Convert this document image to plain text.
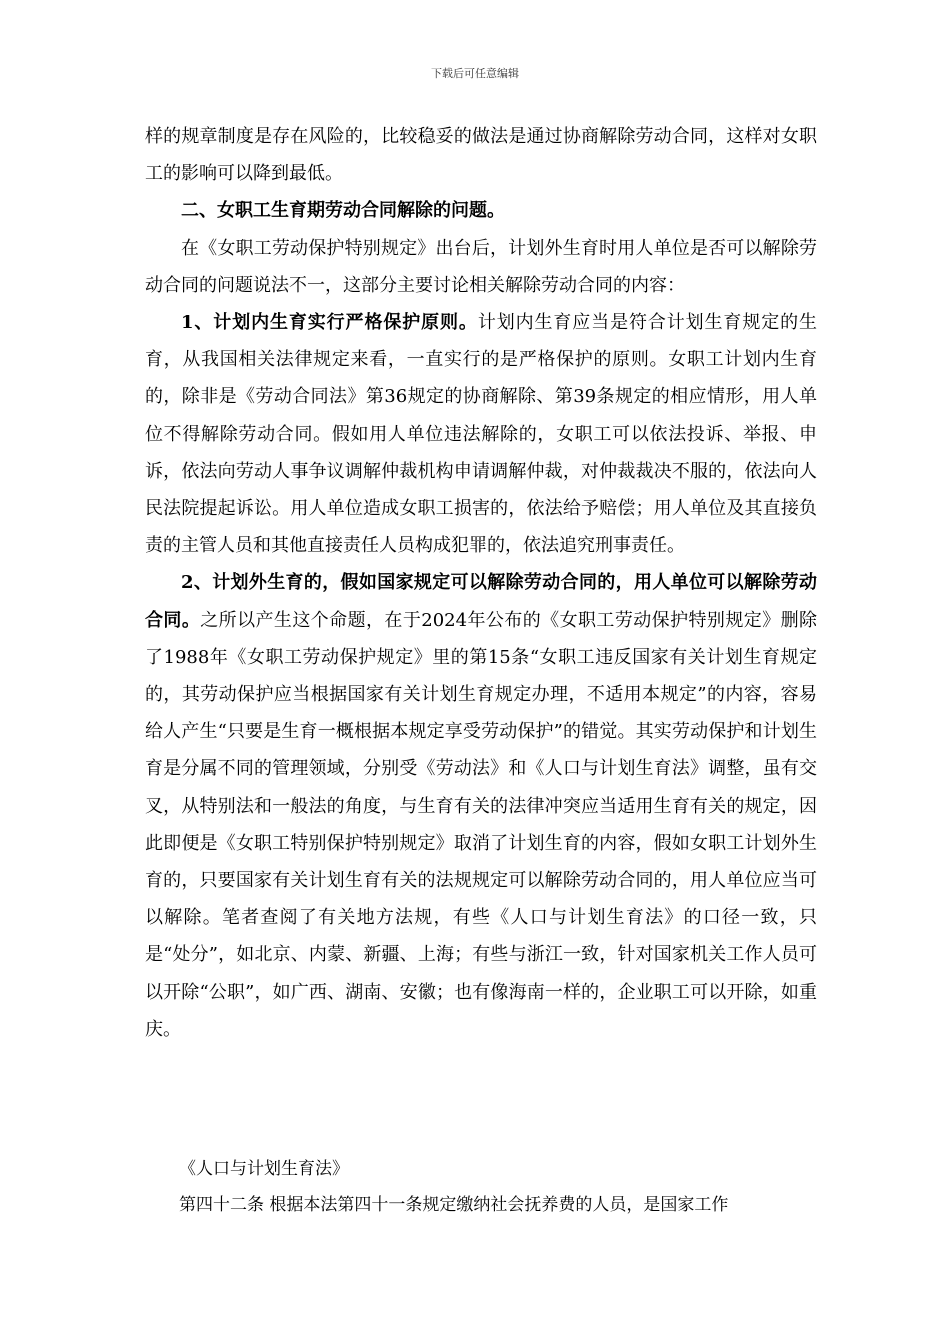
下载后可任意编辑

样的规章制度是存在风险的，比较稳妥的做法是通过协商解除劳动合同，这样对女职工的影响可以降到最低。

二、女职工生育期劳动合同解除的问题。

在《女职工劳动保护特别规定》出台后，计划外生育时用人单位是否可以解除劳动合同的问题说法不一，这部分主要讨论相关解除劳动合同的内容：

1、计划内生育实行严格保护原则。计划内生育应当是符合计划生育规定的生育，从我国相关法律规定来看，一直实行的是严格保护的原则。女职工计划内生育的，除非是《劳动合同法》第36规定的协商解除、第39条规定的相应情形，用人单位不得解除劳动合同。假如用人单位违法解除的，女职工可以依法投诉、举报、申诉，依法向劳动人事争议调解仲裁机构申请调解仲裁，对仲裁裁决不服的，依法向人民法院提起诉讼。用人单位造成女职工损害的，依法给予赔偿；用人单位及其直接负责的主管人员和其他直接责任人员构成犯罪的，依法追究刑事责任。

2、计划外生育的，假如国家规定可以解除劳动合同的，用人单位可以解除劳动合同。之所以产生这个命题，在于2024年公布的《女职工劳动保护特别规定》删除了1988年《女职工劳动保护规定》里的第15条“女职工违反国家有关计划生育规定的，其劳动保护应当根据国家有关计划生育规定办理，不适用本规定”的内容，容易给人产生“只要是生育一概根据本规定享受劳动保护”的错觉。其实劳动保护和计划生育是分属不同的管理领域，分别受《劳动法》和《人口与计划生育法》调整，虽有交叉，从特别法和一般法的角度，与生育有关的法律冲突应当适用生育有关的规定，因此即便是《女职工特别保护特别规定》取消了计划生育的内容，假如女职工计划外生育的，只要国家有关计划生育有关的法规规定可以解除劳动合同的，用人单位应当可以解除。笔者查阅了有关地方法规，有些《人口与计划生育法》的口径一致，只是“处分”，如北京、内蒙、新疆、上海；有些与浙江一致，针对国家机关工作人员可以开除“公职”，如广西、湖南、安徽；也有像海南一样的，企业职工可以开除，如重庆。

《人口与计划生育法》

第四十二条 根据本法第四十一条规定缴纳社会抚养费的人员，是国家工作
